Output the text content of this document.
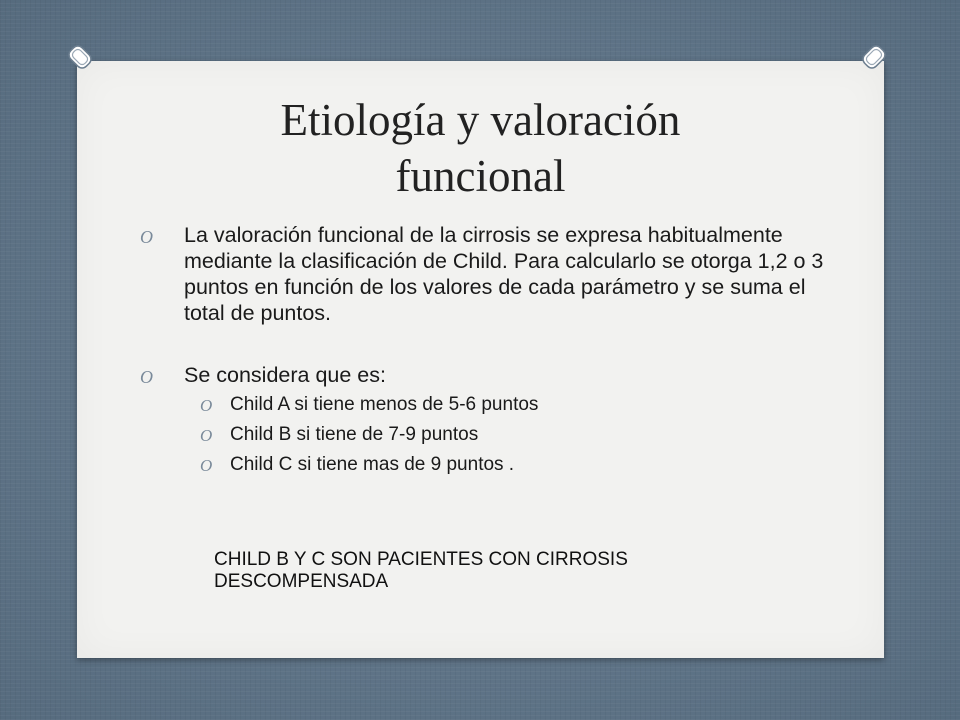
Etiología y valoración
funcional
O La valoración funcional de la cirrosis se expresa habitualmente mediante la clasificación de Child. Para calcularlo se otorga 1,2 o 3 puntos en función de los valores de cada parámetro y se suma el total de puntos.
O Se considera que es:
O Child A si tiene menos de 5-6 puntos
O Child B si tiene de 7-9 puntos
O Child C si tiene mas de 9 puntos .
CHILD B Y C SON PACIENTES CON CIRROSIS
DESCOMPENSADA
